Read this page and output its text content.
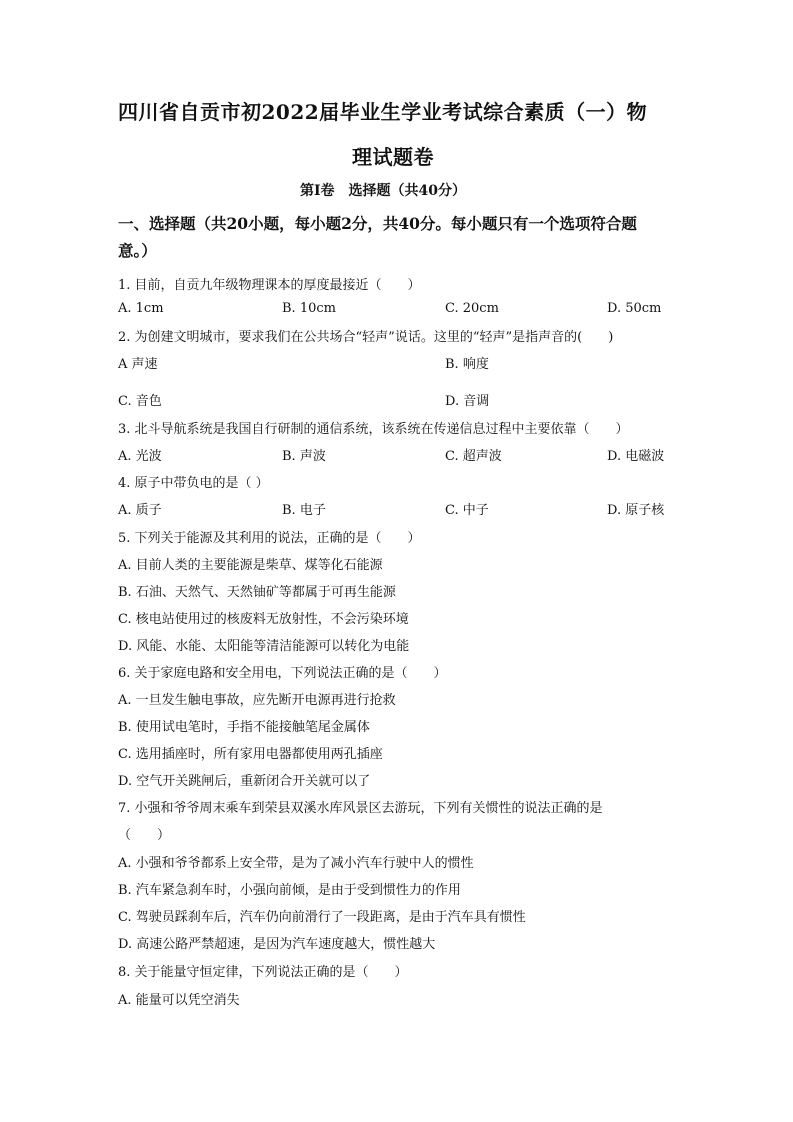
四川省自贡市初2022届毕业生学业考试综合素质（一）物
理试题卷
第Ⅰ卷　选择题（共40分）
一、选择题（共20小题，每小题2分，共40分。每小题只有一个选项符合题
意。）
1. 目前，自贡九年级物理课本的厚度最接近（　　）
A. 1cm	B. 10cm	C. 20cm	D. 50cm
2. 为创建文明城市，要求我们在公共场合“轻声”说话。这里的“轻声”是指声音的(　　)
A 声速	B. 响度
C. 音色	D. 音调
3. 北斗导航系统是我国自行研制的通信系统，该系统在传递信息过程中主要依靠（　　）
A. 光波	B. 声波	C. 超声波	D. 电磁波
4. 原子中带负电的是（ ）
A. 质子	B. 电子	C. 中子	D. 原子核
5. 下列关于能源及其利用的说法，正确的是（　　）
A. 目前人类的主要能源是柴草、煤等化石能源
B. 石油、天然气、天然铀矿等都属于可再生能源
C. 核电站使用过的核废料无放射性，不会污染环境
D. 风能、水能、太阳能等清洁能源可以转化为电能
6. 关于家庭电路和安全用电，下列说法正确的是（　　）
A. 一旦发生触电事故，应先断开电源再进行抢救
B. 使用试电笔时，手指不能接触笔尾金属体
C. 选用插座时，所有家用电器都使用两孔插座
D. 空气开关跳闸后，重新闭合开关就可以了
7. 小强和爷爷周末乘车到荣县双溪水库风景区去游玩，下列有关惯性的说法正确的是
（　　）
A. 小强和爷爷都系上安全带，是为了减小汽车行驶中人的惯性
B. 汽车紧急刹车时，小强向前倾，是由于受到惯性力的作用
C. 驾驶员踩刹车后，汽车仍向前滑行了一段距离，是由于汽车具有惯性
D. 高速公路严禁超速，是因为汽车速度越大，惯性越大
8. 关于能量守恒定律，下列说法正确的是（　　）
A. 能量可以凭空消失
